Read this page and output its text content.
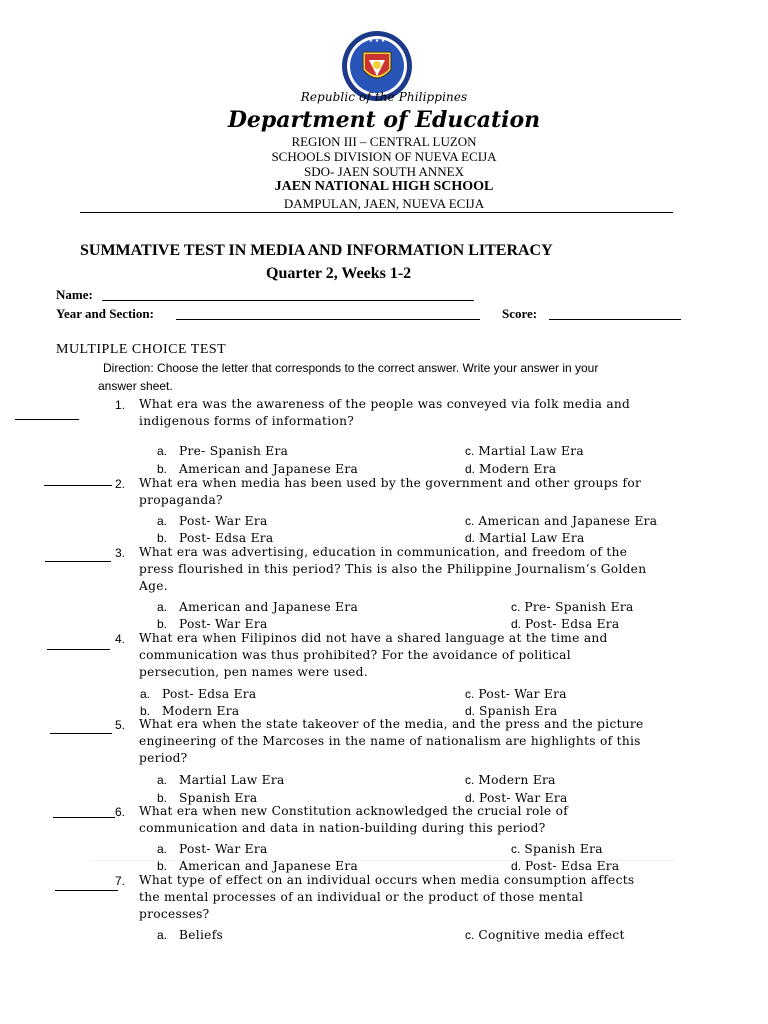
★ ★ ★
Republic of the Philippines
Department of Education
REGION III – CENTRAL LUZON
SCHOOLS DIVISION OF NUEVA ECIJA
SDO- JAEN SOUTH ANNEX
JAEN NATIONAL HIGH SCHOOL
DAMPULAN, JAEN, NUEVA ECIJA
SUMMATIVE TEST IN MEDIA AND INFORMATION LITERACY
Quarter 2, Weeks 1-2
Name:
Year and Section:	Score:
MULTIPLE CHOICE TEST
Direction: Choose the letter that corresponds to the correct answer. Write your answer in your
answer sheet.
1. What era was the awareness of the people was conveyed via folk media and
indigenous forms of information?
a. Pre- Spanish Era	c. Martial Law Era
b. American and Japanese Era	d. Modern Era
2. What era when media has been used by the government and other groups for
propaganda?
a. Post- War Era	c. American and Japanese Era
b. Post- Edsa Era	d. Martial Law Era
3. What era was advertising, education in communication, and freedom of the
press flourished in this period? This is also the Philippine Journalism’s Golden
Age.
a. American and Japanese Era	c. Pre- Spanish Era
b. Post- War Era	d. Post- Edsa Era
4. What era when Filipinos did not have a shared language at the time and
communication was thus prohibited? For the avoidance of political
persecution, pen names were used.
a. Post- Edsa Era	c. Post- War Era
b. Modern Era	d. Spanish Era
5. What era when the state takeover of the media, and the press and the picture
engineering of the Marcoses in the name of nationalism are highlights of this
period?
a. Martial Law Era	c. Modern Era
b. Spanish Era	d. Post- War Era
6. What era when new Constitution acknowledged the crucial role of
communication and data in nation-building during this period?
a. Post- War Era	c. Spanish Era
b. American and Japanese Era	d. Post- Edsa Era
7. What type of effect on an individual occurs when media consumption affects
the mental processes of an individual or the product of those mental
processes?
a. Beliefs	c. Cognitive media effect
